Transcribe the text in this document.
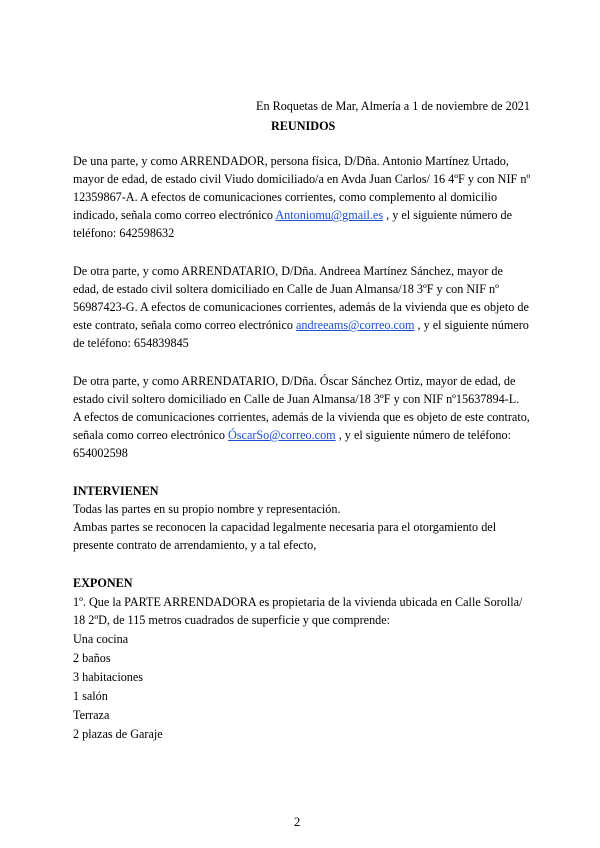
En Roquetas de Mar, Almería a 1 de noviembre de 2021
REUNIDOS
De una parte, y como ARRENDADOR, persona física, D/Dña. Antonio Martínez Urtado,
mayor de edad, de estado civil Viudo domiciliado/a en Avda Juan Carlos/ 16 4ºF y con NIF nº
12359867-A. A efectos de comunicaciones corrientes, como complemento al domicilio
indicado, señala como correo electrónico Antoniomu@gmail.es , y el siguiente número de
teléfono: 642598632
De otra parte, y como ARRENDATARIO, D/Dña. Andreea Martínez Sánchez, mayor de
edad, de estado civil soltera domiciliado en Calle de Juan Almansa/18 3ºF y con NIF nº
56987423-G. A efectos de comunicaciones corrientes, además de la vivienda que es objeto de
este contrato, señala como correo electrónico andreeams@correo.com , y el siguiente número
de teléfono: 654839845
De otra parte, y como ARRENDATARIO, D/Dña. Óscar Sánchez Ortiz, mayor de edad, de
estado civil soltero domiciliado en Calle de Juan Almansa/18 3ºF y con NIF nº15637894-L.
A efectos de comunicaciones corrientes, además de la vivienda que es objeto de este contrato,
señala como correo electrónico ÓscarSo@correo.com , y el siguiente número de teléfono:
654002598
INTERVIENEN
Todas las partes en su propio nombre y representación.
Ambas partes se reconocen la capacidad legalmente necesaria para el otorgamiento del
presente contrato de arrendamiento, y a tal efecto,
EXPONEN
1º. Que la PARTE ARRENDADORA es propietaria de la vivienda ubicada en Calle Sorolla/
18 2ºD, de 115 metros cuadrados de superficie y que comprende:
Una cocina
2 baños
3 habitaciones
1 salón
Terraza
2 plazas de Garaje
2
